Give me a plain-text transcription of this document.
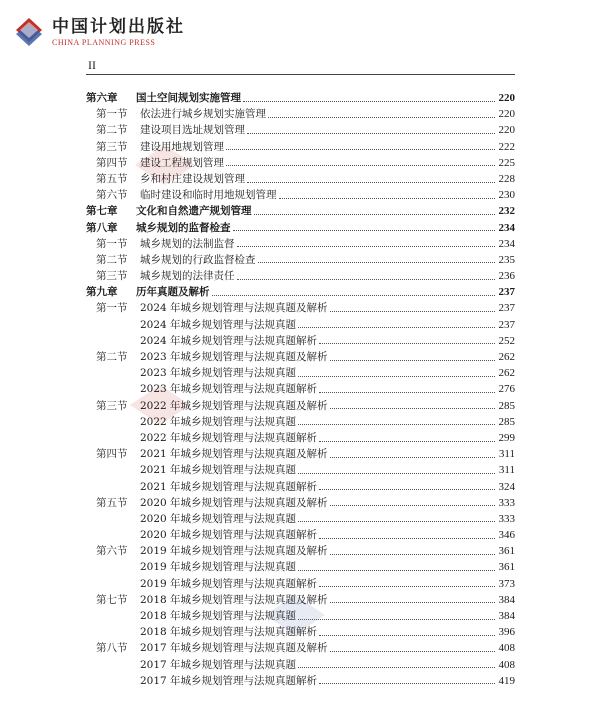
中国计划出版社
CHINA PLANNING PRESS
II
第六章 国土空间规划实施管理	220
第一节 依法进行城乡规划实施管理	220
第二节 建设项目选址规划管理	220
第三节 建设用地规划管理	222
第四节 建设工程规划管理	225
第五节 乡和村庄建设规划管理	228
第六节 临时建设和临时用地规划管理	230
第七章 文化和自然遗产规划管理	232
第八章 城乡规划的监督检查	234
第一节 城乡规划的法制监督	234
第二节 城乡规划的行政监督检查	235
第三节 城乡规划的法律责任	236
第九章 历年真题及解析	237
第一节 2024 年城乡规划管理与法规真题及解析	237
2024 年城乡规划管理与法规真题	237
2024 年城乡规划管理与法规真题解析	252
第二节 2023 年城乡规划管理与法规真题及解析	262
2023 年城乡规划管理与法规真题	262
2023 年城乡规划管理与法规真题解析	276
第三节 2022 年城乡规划管理与法规真题及解析	285
2022 年城乡规划管理与法规真题	285
2022 年城乡规划管理与法规真题解析	299
第四节 2021 年城乡规划管理与法规真题及解析	311
2021 年城乡规划管理与法规真题	311
2021 年城乡规划管理与法规真题解析	324
第五节 2020 年城乡规划管理与法规真题及解析	333
2020 年城乡规划管理与法规真题	333
2020 年城乡规划管理与法规真题解析	346
第六节 2019 年城乡规划管理与法规真题及解析	361
2019 年城乡规划管理与法规真题	361
2019 年城乡规划管理与法规真题解析	373
第七节 2018 年城乡规划管理与法规真题及解析	384
2018 年城乡规划管理与法规真题	384
2018 年城乡规划管理与法规真题解析	396
第八节 2017 年城乡规划管理与法规真题及解析	408
2017 年城乡规划管理与法规真题	408
2017 年城乡规划管理与法规真题解析	419
